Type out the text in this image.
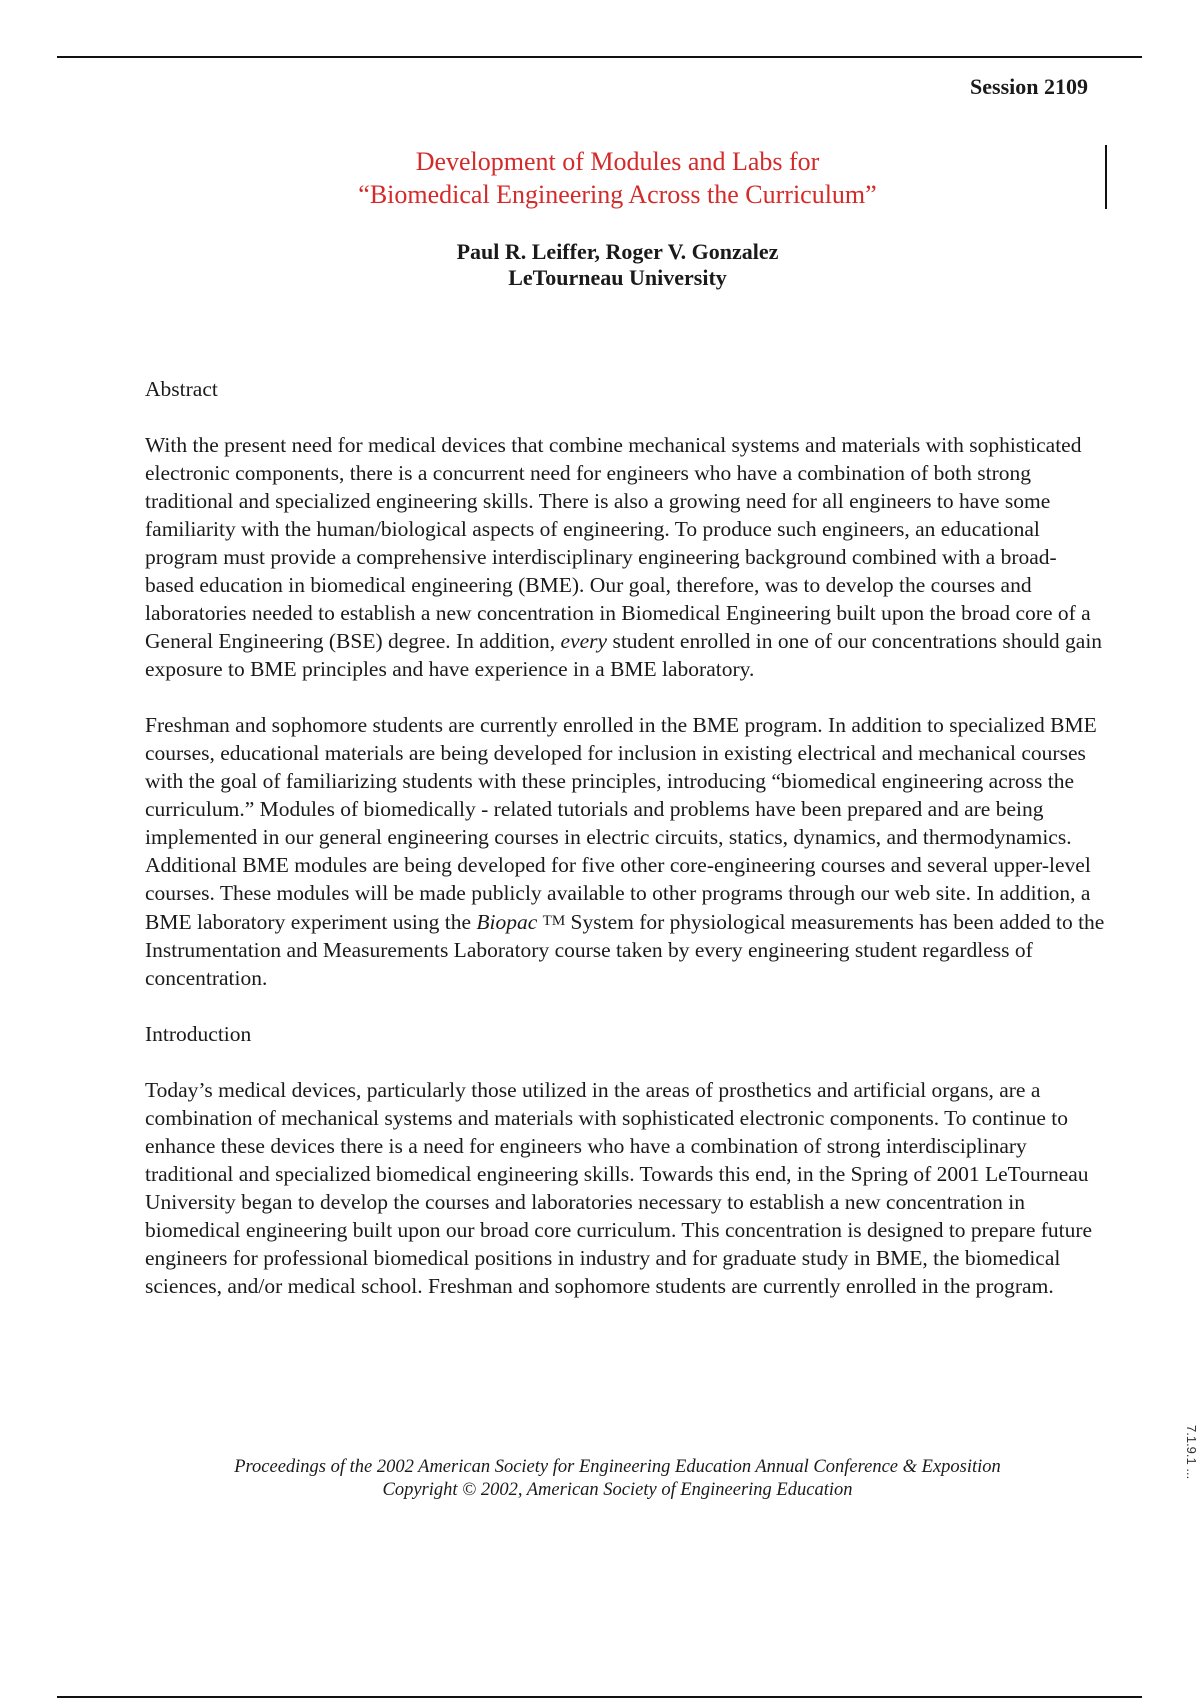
Session 2109
Development of Modules and Labs for
“Biomedical Engineering Across the Curriculum”
Paul R. Leiffer, Roger V. Gonzalez
LeTourneau University
Abstract

With the present need for medical devices that combine mechanical systems and materials with sophisticated electronic components, there is a concurrent need for engineers who have a combination of both strong traditional and specialized engineering skills. There is also a growing need for all engineers to have some familiarity with the human/biological aspects of engineering. To produce such engineers, an educational program must provide a comprehensive interdisciplinary engineering background combined with a broad-based education in biomedical engineering (BME). Our goal, therefore, was to develop the courses and laboratories needed to establish a new concentration in Biomedical Engineering built upon the broad core of a General Engineering (BSE) degree. In addition, every student enrolled in one of our concentrations should gain exposure to BME principles and have experience in a BME laboratory.

Freshman and sophomore students are currently enrolled in the BME program. In addition to specialized BME courses, educational materials are being developed for inclusion in existing electrical and mechanical courses with the goal of familiarizing students with these principles, introducing “biomedical engineering across the curriculum.” Modules of biomedically - related tutorials and problems have been prepared and are being implemented in our general engineering courses in electric circuits, statics, dynamics, and thermodynamics. Additional BME modules are being developed for five other core-engineering courses and several upper-level courses. These modules will be made publicly available to other programs through our web site. In addition, a BME laboratory experiment using the Biopac TM System for physiological measurements has been added to the Instrumentation and Measurements Laboratory course taken by every engineering student regardless of concentration.

Introduction

Today’s medical devices, particularly those utilized in the areas of prosthetics and artificial organs, are a combination of mechanical systems and materials with sophisticated electronic components. To continue to enhance these devices there is a need for engineers who have a combination of strong interdisciplinary traditional and specialized biomedical engineering skills. Towards this end, in the Spring of 2001 LeTourneau University began to develop the courses and laboratories necessary to establish a new concentration in biomedical engineering built upon our broad core curriculum. This concentration is designed to prepare future engineers for professional biomedical positions in industry and for graduate study in BME, the biomedical sciences, and/or medical school. Freshman and sophomore students are currently enrolled in the program.

Proceedings of the 2002 American Society for Engineering Education Annual Conference & Exposition
Copyright © 2002, American Society of Engineering Education
7.1.9.1 ...
